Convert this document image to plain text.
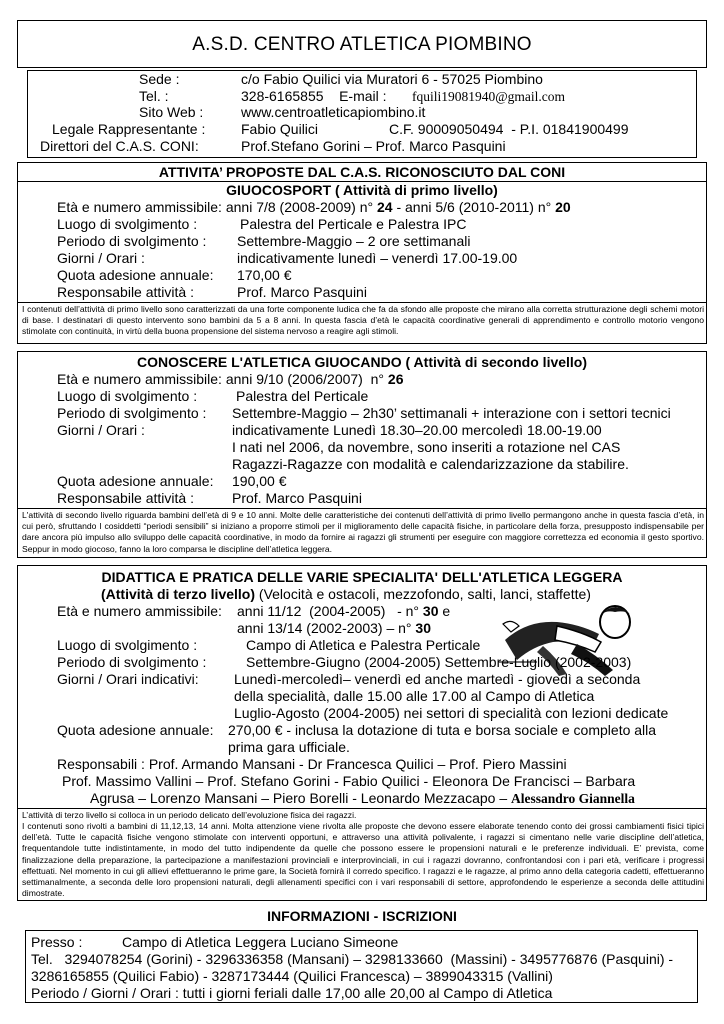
A.S.D. CENTRO ATLETICA PIOMBINO
Sede :	c/o Fabio Quilici via Muratori 6 - 57025 Piombino
Tel. :	328-6165855    E-mail : fquili19081940@gmail.com
Sito Web :	www.centroatleticapiombino.it
Legale Rappresentante :	Fabio Quilici	C.F. 90009050494  - P.I. 01841900499
Direttori del C.A.S. CONI:	Prof.Stefano Gorini – Prof. Marco Pasquini
ATTIVITA’ PROPOSTE DAL C.A.S. RICONOSCIUTO DAL CONI
GIUOCOSPORT ( Attività di primo livello)
Età e numero ammissibile: anni 7/8 (2008-2009) n° 24 - anni 5/6 (2010-2011) n° 20
Luogo di svolgimento :	Palestra del Perticale e Palestra IPC
Periodo di svolgimento : Settembre-Maggio – 2 ore settimanali
Giorni / Orari :	indicativamente lunedì – venerdì 17.00-19.00
Quota adesione annuale: 170,00 €
Responsabile attività :	Prof. Marco Pasquini
I contenuti dell’attività di primo livello sono caratterizzati da una forte componente ludica che fa da sfondo alle proposte che mirano alla corretta strutturazione degli schemi motori di base. I destinatari di questo intervento sono bambini da 5 a 8 anni. In questa fascia d’età le capacità coordinative generali di apprendimento e controllo motorio vengono stimolate con continuità, in virtù della buona propensione del sistema nervoso a reagire agli stimoli.
CONOSCERE L'ATLETICA GIUOCANDO ( Attività di secondo livello)
Età e numero ammissibile: anni 9/10 (2006/2007)  n° 26
Luogo di svolgimento :	Palestra del Perticale
Periodo di svolgimento : Settembre-Maggio – 2h30’ settimanali + interazione con i settori tecnici
Giorni / Orari :	indicativamente Lunedì 18.30–20.00 mercoledì 18.00-19.00
I nati nel 2006, da novembre, sono inseriti a rotazione nel CAS
Ragazzi-Ragazze con modalità e calendarizzazione da stabilire.
Quota adesione annuale: 190,00 €
Responsabile attività :	Prof. Marco Pasquini
L'attività di secondo livello riguarda bambini dell’età di 9 e 10 anni. Molte delle caratteristiche dei contenuti dell’attività di primo livello permangono anche in questa fascia d’età, in cui però, sfruttando I cosiddetti “periodi sensibili” si iniziano a proporre stimoli per il miglioramento delle capacità fisiche, in particolare della forza, presupposto indispensabile per dare ancora più impulso allo sviluppo delle capacità coordinative, in modo da fornire ai ragazzi gli strumenti per eseguire con maggiore correttezza ed economia il gesto sportivo. Seppur in modo giocoso, fanno la loro comparsa le discipline dell’atletica leggera.
DIDATTICA E PRATICA DELLE VARIE SPECIALITA' DELL'ATLETICA LEGGERA
(Attività di terzo livello) (Velocità e ostacoli, mezzofondo, salti, lanci, staffette)
Età e numero ammissibile: anni 11/12  (2004-2005)   - n° 30 e
anni 13/14 (2002-2003) – n° 30
Luogo di svolgimento :	Campo di Atletica e Palestra Perticale
Periodo di svolgimento :	Settembre-Giugno (2004-2005) Settembre-Luglio (2002-2003)
Giorni / Orari indicativi:	Lunedì-mercoledì– venerdì ed anche martedì - giovedì a seconda
della specialità, dalle 15.00 alle 17.00 al Campo di Atletica
Luglio-Agosto (2004-2005) nei settori di specialità con lezioni dedicate
Quota adesione annuale: 270,00 € - inclusa la dotazione di tuta e borsa sociale e completo alla
prima gara ufficiale.
Responsabili : Prof. Armando Mansani - Dr Francesca Quilici – Prof. Piero Massini
Prof. Massimo Vallini – Prof. Stefano Gorini - Fabio Quilici - Eleonora De Francisci – Barbara
Agrusa – Lorenzo Mansani – Piero Borelli - Leonardo Mezzacapo – Alessandro Giannella
L’attività di terzo livello si colloca in un periodo delicato dell’evoluzione fisica dei ragazzi.
I contenuti sono rivolti a bambini di 11,12,13, 14 anni. Molta attenzione viene rivolta alle proposte che devono essere elaborate tenendo conto dei grossi cambiamenti fisici tipici dell’età. Tutte le capacità fisiche vengono stimolate con interventi opportuni, e attraverso una attività polivalente, i ragazzi si cimentano nelle varie discipline dell’atletica, frequentandole tutte indistintamente, in modo del tutto indipendente da quelle che possono essere le propensioni naturali e le preferenze individuali. E’ prevista, come finalizzazione della preparazione, la partecipazione a manifestazioni provinciali e interprovinciali, in cui i ragazzi dovranno, confrontandosi con i pari età, verificare i progressi effettuati. Nel momento in cui gli allievi effettueranno le prime gare, la Società fornirà il corredo specifico. I ragazzi e le ragazze, al primo anno della categoria cadetti, effettueranno settimanalmente, a seconda delle loro propensioni naturali, degli allenamenti specifici con i vari responsabili di settore, approfondendo le esperienze a seconda delle attitudini dimostrate.
INFORMAZIONI - ISCRIZIONI
Presso :	Campo di Atletica Leggera Luciano Simeone
Tel.   3294078254 (Gorini) - 3296336358 (Mansani) – 3298133660  (Massini) - 3495776876 (Pasquini) -
3286165855 (Quilici Fabio) - 3287173444 (Quilici Francesca) – 3899043315 (Vallini)
Periodo / Giorni / Orari : tutti i giorni feriali dalle 17,00 alle 20,00 al Campo di Atletica
